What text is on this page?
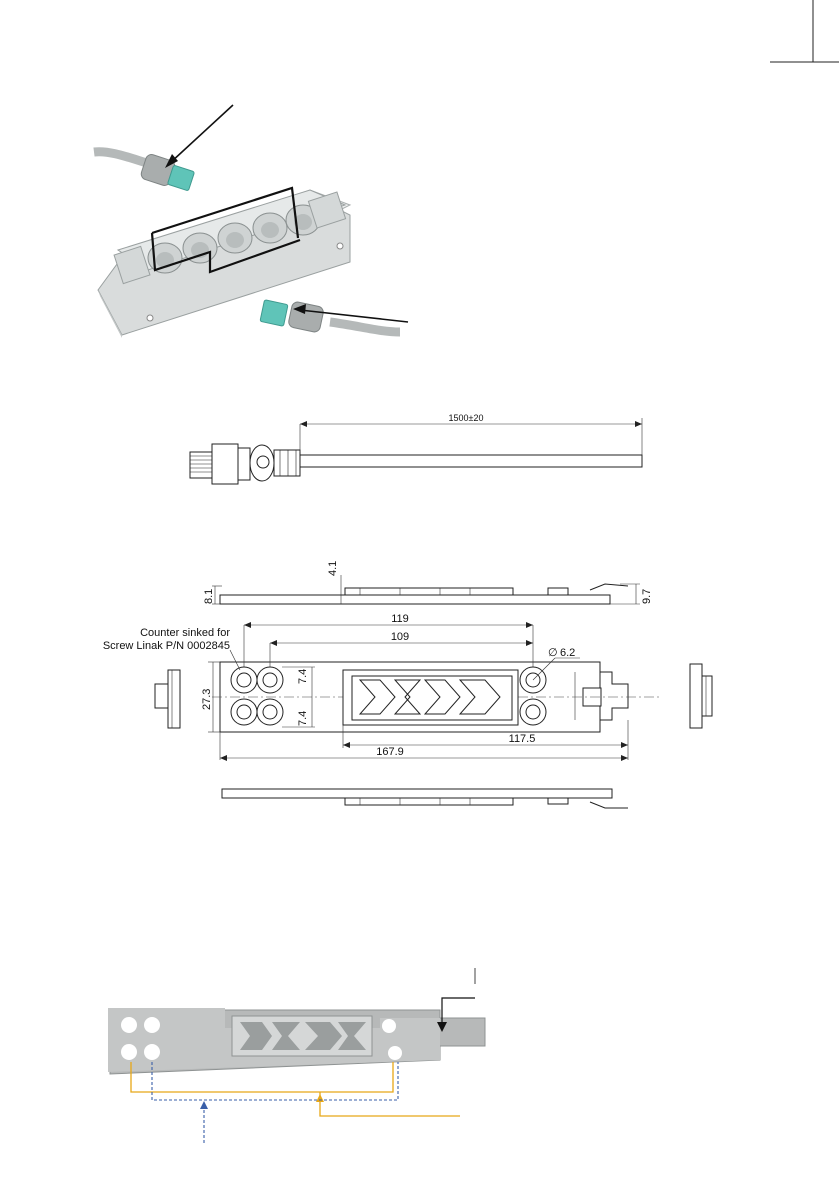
1500±20
8.1
4.1
9.7
119
109
∅ 6.2
Counter sinked for
Screw Linak P/N 0002845
7.4
7.4
27.3
117.5
167.9
